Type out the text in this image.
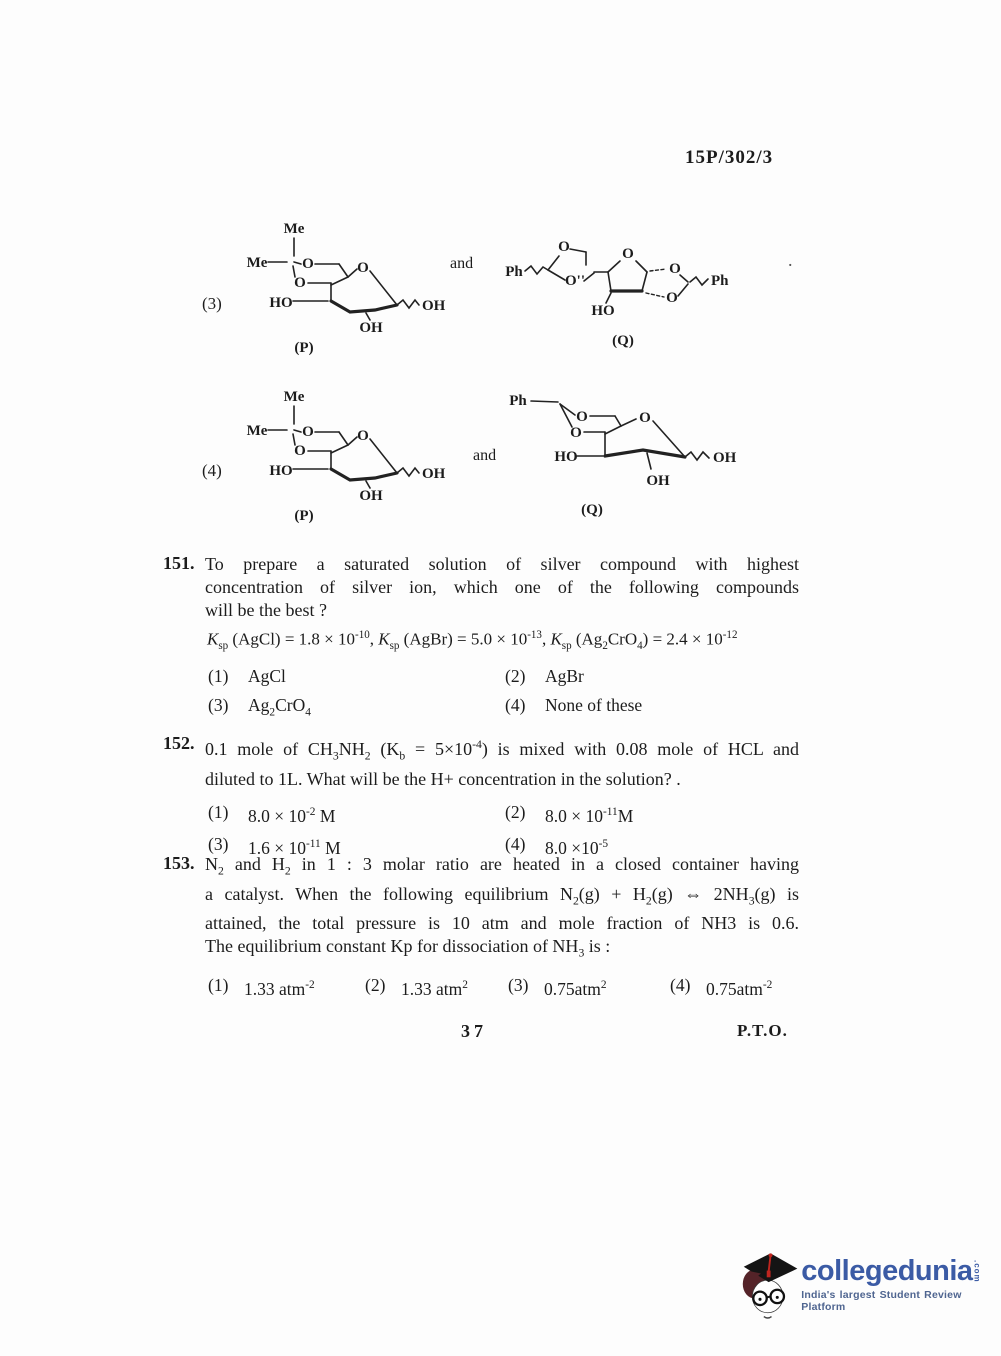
15P/302/3
(3)
Me
Me O
O
O
HO
OH
OH
(P)
and Ph
O
O''
O
HO
O
O
Ph
(Q)
.
(4)
Me
Me O
O
O
HO
OH
OH
(P)
and
Ph
O
O
O
HO
OH
OH
(Q)
151. To prepare a saturated solution of silver compound with highest
concentration of silver ion, which one of the following compounds
will be the best ?
$K_{sp}$ (AgCl) = $1.8 \times 10^{-10}$, $K_{sp}$ (AgBr) = $5.0 \times 10^{-13}$, $K_{sp}$ $(Ag_2CrO_4) = 2.4 \times 10^{-12}$
(1)	AgCl	(2)	AgBr
(3)	$Ag_2CrO_4$	(4)	None of these
152. 0.1 mole of $CH_3NH_2$ $(K_b = 5\times 10^{-4})$ is mixed with 0.08 mole of HCL and
diluted to 1L. What will be the H+ concentration in the solution? .
(1)	$8.0 \times 10^{-2}$ M	(2)	$8.0 \times 10^{-11}M$
(3)	$1.6 \times 10^{-11}$ M	(4)	$8.0 \times 10^{-5}$
153. $N_2$ and $H_2$ in 1 : 3 molar ratio are heated in a closed container having
a catalyst. When the following equilibrium $N_2(g) + H_2(g)$ ⇔ $2NH_3(g)$ is
attained, the total pressure is 10 atm and mole fraction of NH3 is 0.6.
The equilibrium constant Kp for dissociation of $NH_3$ is :
(1) 1.33 atm$^{-2}$	(2) 1.33 atm$^2$ (3) 0.75atm$^2$	(4) 0.75atm$^{-2}$
37	P.T.O.
collegedunia .com
India's largest Student Review Platform
